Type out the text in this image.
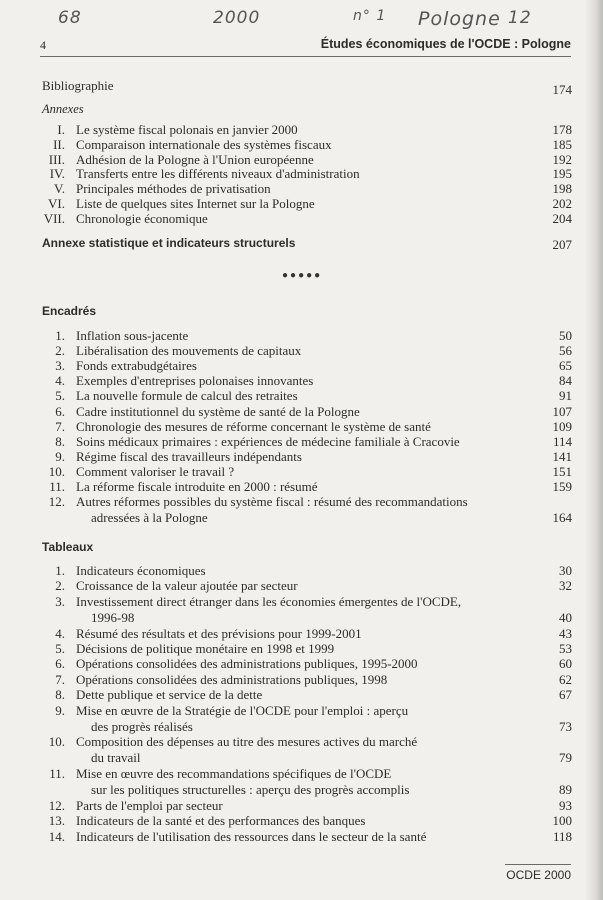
68	2000	n° 1 Pologne 12
4	Études économiques de l'OCDE : Pologne
Bibliographie	174
Annexes
I. Le système fiscal polonais en janvier 2000	178
II. Comparaison internationale des systèmes fiscaux	185
III. Adhésion de la Pologne à l'Union européenne	192
IV. Transferts entre les différents niveaux d'administration	195
V. Principales méthodes de privatisation	198
VI. Liste de quelques sites Internet sur la Pologne	202
VII. Chronologie économique	204
Annexe statistique et indicateurs structurels	207
●●●●●
Encadrés
1. Inflation sous-jacente	50
2. Libéralisation des mouvements de capitaux	56
3. Fonds extrabudgétaires	65
4. Exemples d'entreprises polonaises innovantes	84
5. La nouvelle formule de calcul des retraites	91
6. Cadre institutionnel du système de santé de la Pologne	107
7. Chronologie des mesures de réforme concernant le système de santé	109
8. Soins médicaux primaires : expériences de médecine familiale à Cracovie	114
9. Régime fiscal des travailleurs indépendants	141
10. Comment valoriser le travail ?	151
11. La réforme fiscale introduite en 2000 : résumé	159
12. Autres réformes possibles du système fiscal : résumé des recommandations
adressées à la Pologne	164
Tableaux
1. Indicateurs économiques	30
2. Croissance de la valeur ajoutée par secteur	32
3. Investissement direct étranger dans les économies émergentes de l'OCDE,
1996-98	40
4. Résumé des résultats et des prévisions pour 1999-2001	43
5. Décisions de politique monétaire en 1998 et 1999	53
6. Opérations consolidées des administrations publiques, 1995-2000	60
7. Opérations consolidées des administrations publiques, 1998	62
8. Dette publique et service de la dette	67
9. Mise en œuvre de la Stratégie de l'OCDE pour l'emploi : aperçu
des progrès réalisés	73
10. Composition des dépenses au titre des mesures actives du marché
du travail	79
11. Mise en œuvre des recommandations spécifiques de l'OCDE
sur les politiques structurelles : aperçu des progrès accomplis	89
12. Parts de l'emploi par secteur	93
13. Indicateurs de la santé et des performances des banques	100
14. Indicateurs de l'utilisation des ressources dans le secteur de la santé	118
OCDE 2000
